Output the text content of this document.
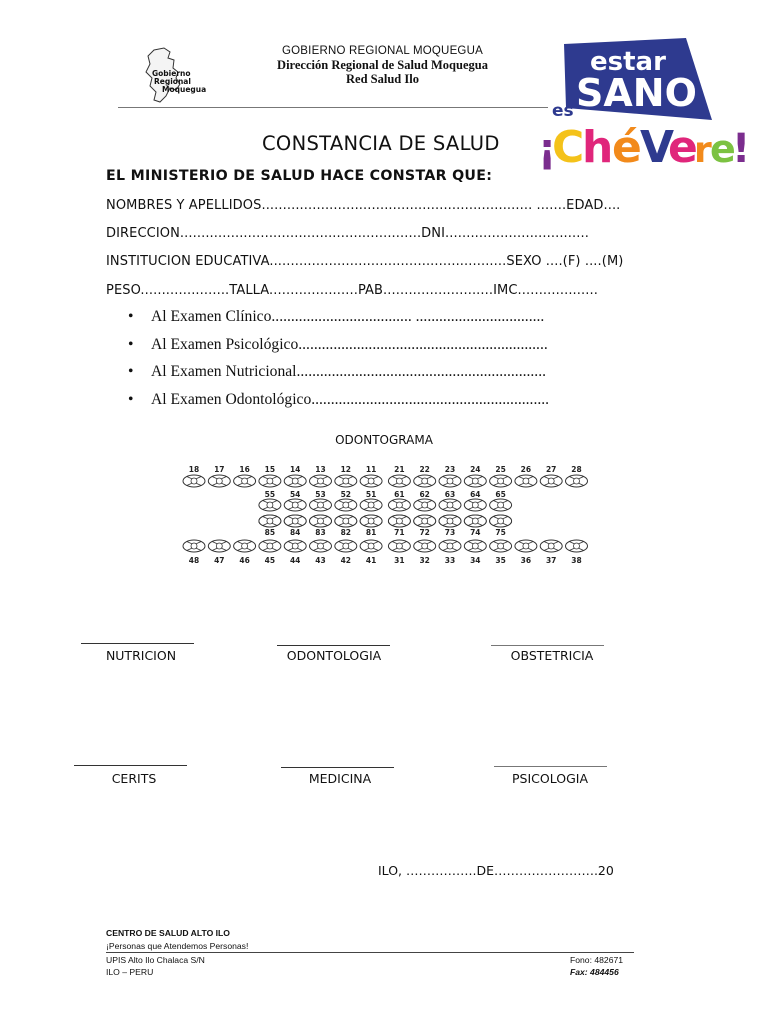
Gobierno
Regional
Moquegua
GOBIERNO REGIONAL MOQUEGUA
Dirección Regional de Salud Moquegua
Red Salud Ilo
estar
SANO
es
¡
C
h
é
V
e
r
e
!
¡ChéVere!
CONSTANCIA DE SALUD
EL MINISTERIO DE SALUD HACE CONSTAR QUE:
NOMBRES Y APELLIDOS................................................................ .......EDAD....
DIRECCION.........................................................DNI..................................
INSTITUCION EDUCATIVA........................................................SEXO ....(F) ....(M)
PESO.....................TALLA.....................PAB..........................IMC...................
•	Al Examen Clínico.................................... .................................
•	Al Examen Psicológico................................................................
•	Al Examen Nutricional................................................................
•	Al Examen Odontológico.............................................................
ODONTOGRAMA
18 17 16 15 14 13 12 11 21 22 23 24 25 26 27 28
55 54 53 52 51 61 62 63 64 65
85 84 83 82 81 71 72 73 74 75
48 47 46 45 44 43 42 41 31 32 33 34 35 36 37 38
NUTRICION	ODONTOLOGIA	OBSTETRICIA
CERITS	MEDICINA	PSICOLOGIA
ILO, ……………..DE…………………….20
CENTRO DE SALUD ALTO ILO
¡Personas que Atendemos Personas!
UPIS Alto Ilo Chalaca S/N
ILO – PERU
Fono: 482671
Fax: 484456
